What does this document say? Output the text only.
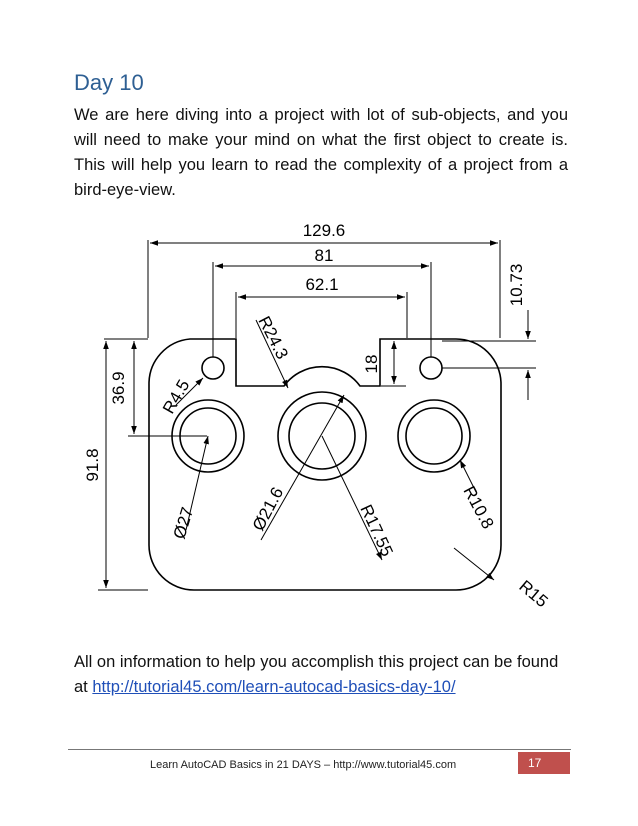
Day 10

We are here diving into a project with lot of sub-objects, and you will need to make your mind on what the first object to create is. This will help you learn to read the complexity of a project from a bird-eye-view.

129.6
81
62.1	10.73
R24.3
18
36.9 R4.5
91.8
Ø27	Ø21.6	R17.55	R10.8
R15

All on information to help you accomplish this project can be found at http://tutorial45.com/learn-autocad-basics-day-10/

Learn AutoCAD Basics in 21 DAYS – http://www.tutorial45.com	17
